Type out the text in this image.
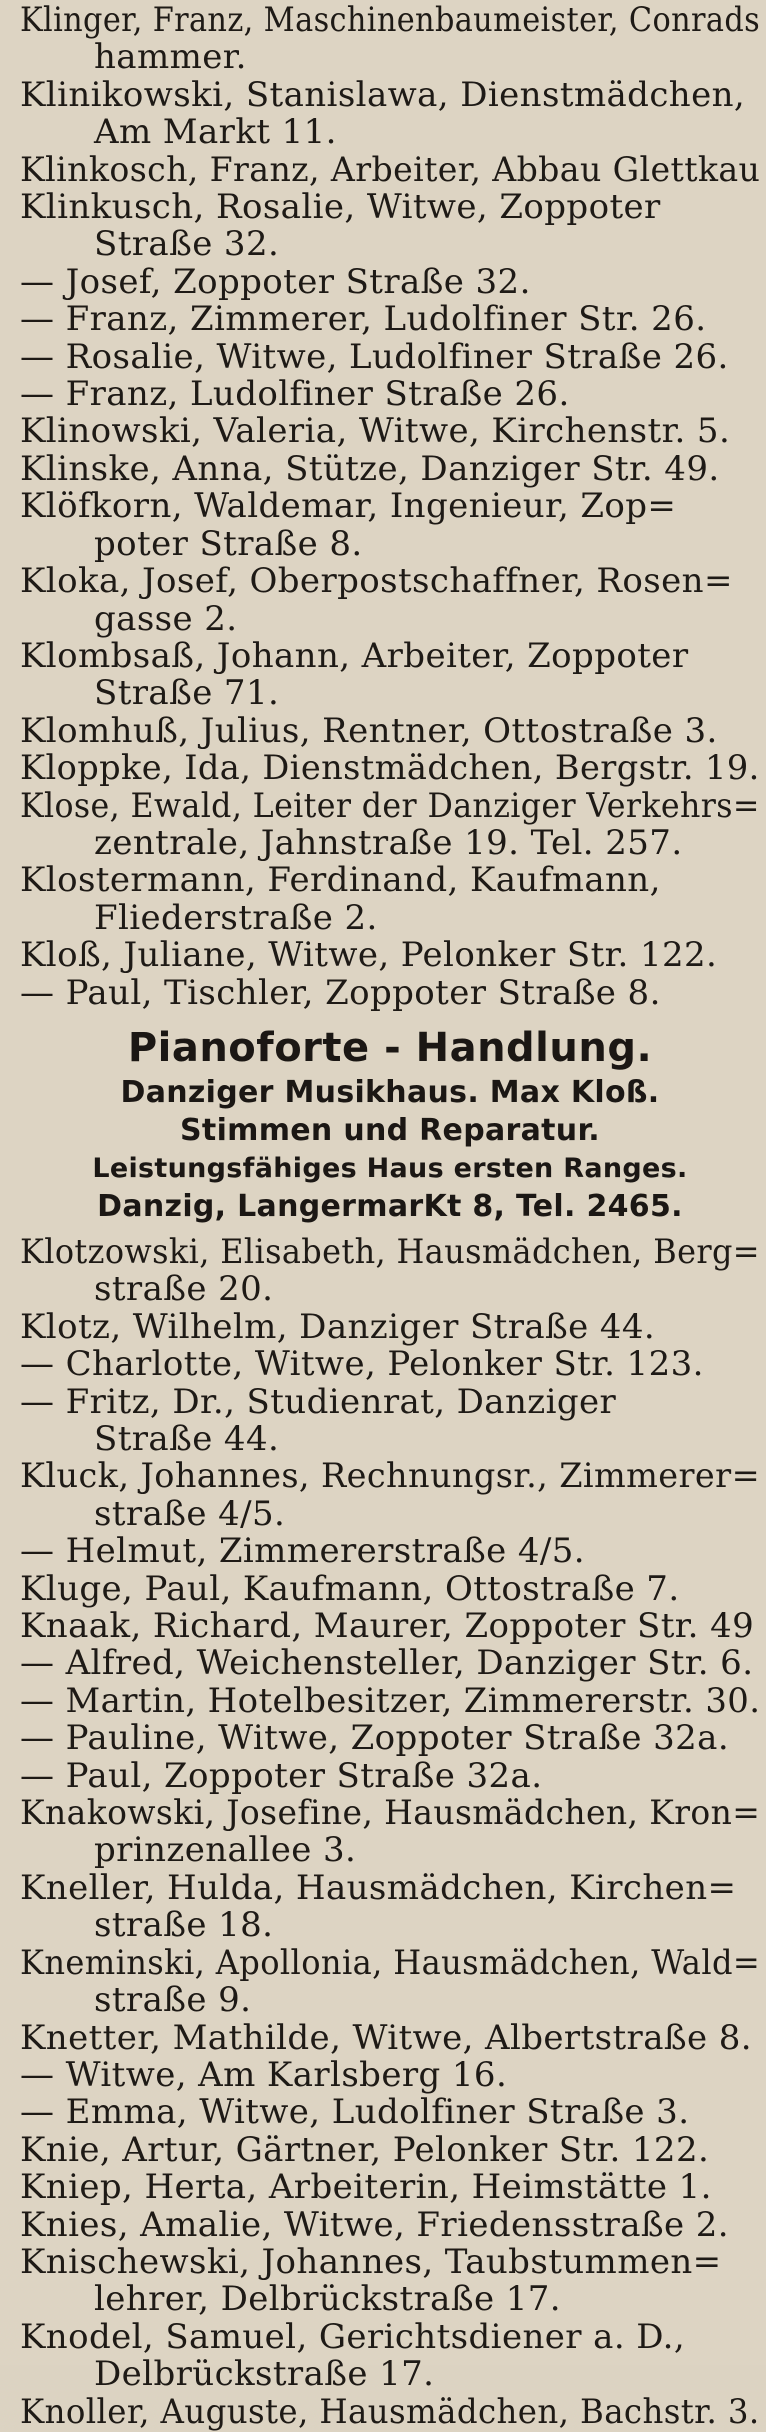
Klinger, Franz, Maschinenbaumeister, Conrads

hammer.

Klinikowski, Stanislawa, Dienstmädchen,

Am Markt 11.

Klinkosch, Franz, Arbeiter, Abbau Glettkau

Klinkusch, Rosalie, Witwe, Zoppoter

Straße 32.

— Josef, Zoppoter Straße 32.

— Franz, Zimmerer, Ludolfiner Str. 26.

— Rosalie, Witwe, Ludolfiner Straße 26.

— Franz, Ludolfiner Straße 26.

Klinowski, Valeria, Witwe, Kirchenstr. 5.

Klinske, Anna, Stütze, Danziger Str. 49.

Klöfkorn, Waldemar, Ingenieur, Zop=

poter Straße 8.

Kloka, Josef, Oberpostschaffner, Rosen=

gasse 2.

Klombsaß, Johann, Arbeiter, Zoppoter

Straße 71.

Klomhuß, Julius, Rentner, Ottostraße 3.

Kloppke, Ida, Dienstmädchen, Bergstr. 19.

Klose, Ewald, Leiter der Danziger Verkehrs=

zentrale, Jahnstraße 19. Tel. 257.

Klostermann, Ferdinand, Kaufmann,

Fliederstraße 2.

Kloß, Juliane, Witwe, Pelonker Str. 122.

— Paul, Tischler, Zoppoter Straße 8.

Pianoforte - Handlung.

Danziger Musikhaus. Max Kloß.

Stimmen und Reparatur.

Leistungsfähiges Haus ersten Ranges.

Danzig, LangermarKt 8, Tel. 2465.

Klotzowski, Elisabeth, Hausmädchen, Berg=

straße 20.

Klotz, Wilhelm, Danziger Straße 44.

— Charlotte, Witwe, Pelonker Str. 123.

— Fritz, Dr., Studienrat, Danziger

Straße 44.

Kluck, Johannes, Rechnungsr., Zimmerer=

straße 4/5.

— Helmut, Zimmererstraße 4/5.

Kluge, Paul, Kaufmann, Ottostraße 7.

Knaak, Richard, Maurer, Zoppoter Str. 49

— Alfred, Weichensteller, Danziger Str. 6.

— Martin, Hotelbesitzer, Zimmererstr. 30.

— Pauline, Witwe, Zoppoter Straße 32a.

— Paul, Zoppoter Straße 32a.

Knakowski, Josefine, Hausmädchen, Kron=

prinzenallee 3.

Kneller, Hulda, Hausmädchen, Kirchen=

straße 18.

Kneminski, Apollonia, Hausmädchen, Wald=

straße 9.

Knetter, Mathilde, Witwe, Albertstraße 8.

— Witwe, Am Karlsberg 16.

— Emma, Witwe, Ludolfiner Straße 3.

Knie, Artur, Gärtner, Pelonker Str. 122.

Kniep, Herta, Arbeiterin, Heimstätte 1.

Knies, Amalie, Witwe, Friedensstraße 2.

Knischewski, Johannes, Taubstummen=

lehrer, Delbrückstraße 17.

Knodel, Samuel, Gerichtsdiener a. D.,

Delbrückstraße 17.

Knoller, Auguste, Hausmädchen, Bachstr. 3.
